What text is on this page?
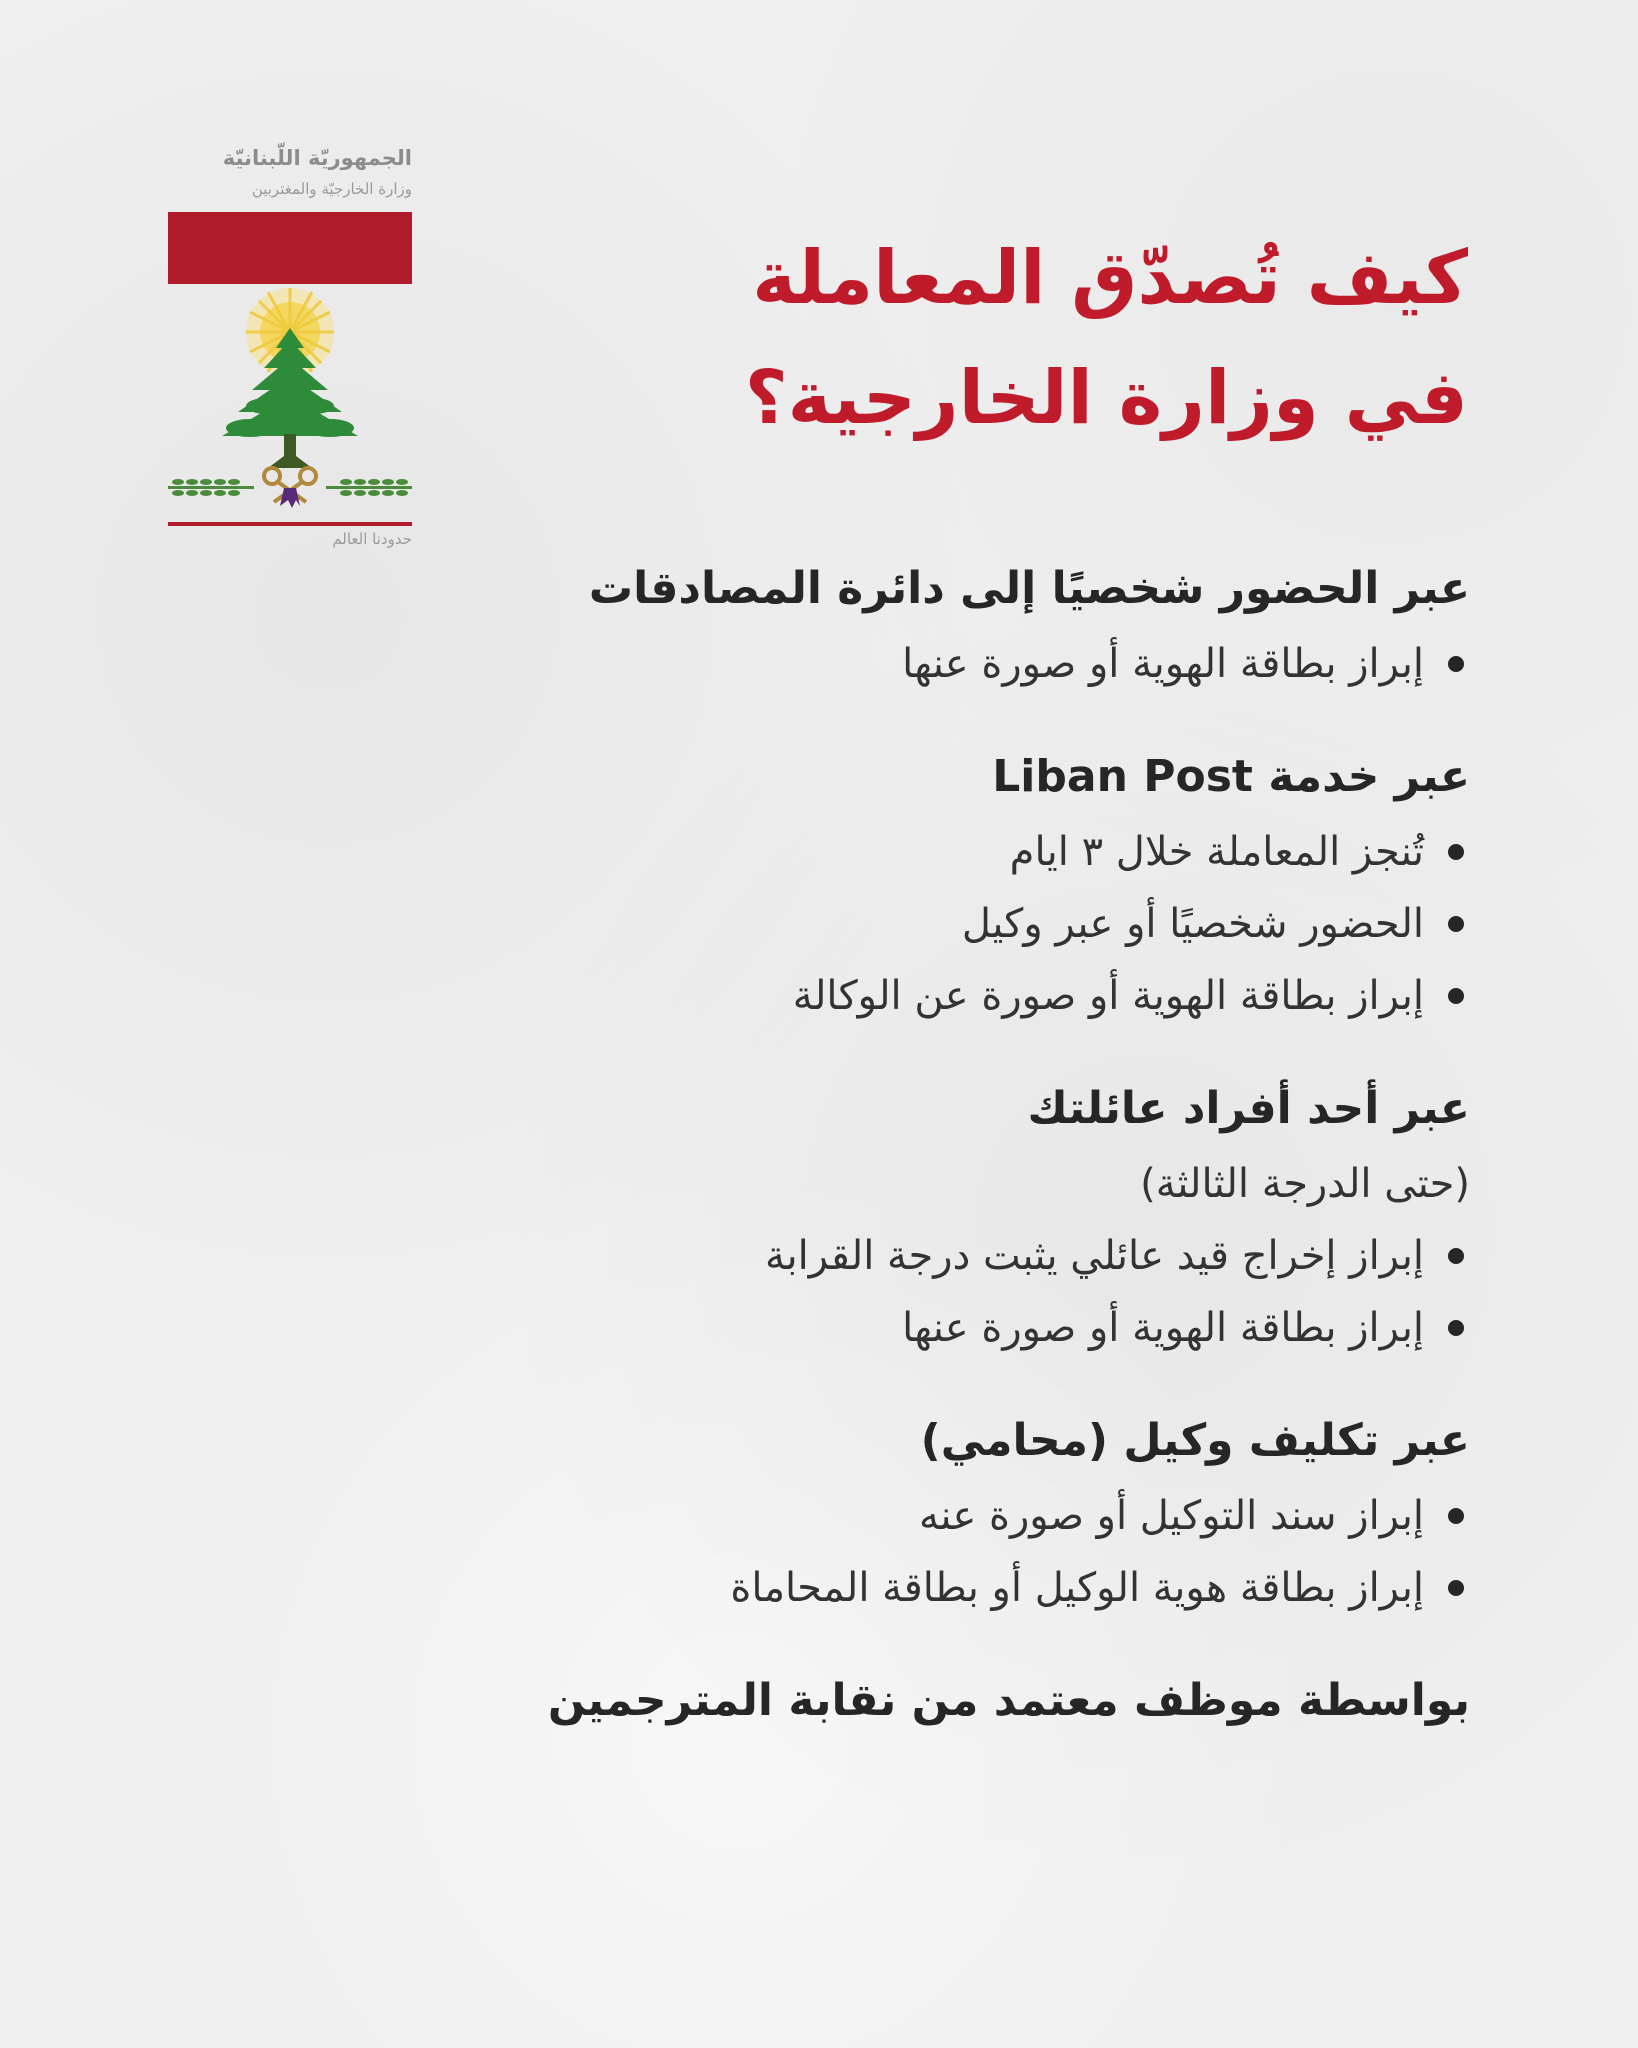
الجمهوريّة اللّبنانيّة
وزارة الخارجيّة والمغتربين
حدودنا العالم
كيف تُصدّق المعاملة
في وزارة الخارجية؟
عبر الحضور شخصيًا إلى دائرة المصادقات
إبراز بطاقة الهوية أو صورة عنها
عبر خدمة Liban Post
تُنجز المعاملة خلال ٣ ايام
الحضور شخصيًا أو عبر وكيل
إبراز بطاقة الهوية أو صورة عن الوكالة
عبر أحد أفراد عائلتك
(حتى الدرجة الثالثة)
إبراز إخراج قيد عائلي يثبت درجة القرابة
إبراز بطاقة الهوية أو صورة عنها
عبر تكليف وكيل (محامي)
إبراز سند التوكيل أو صورة عنه
إبراز بطاقة هوية الوكيل أو بطاقة المحاماة
بواسطة موظف معتمد من نقابة المترجمين
